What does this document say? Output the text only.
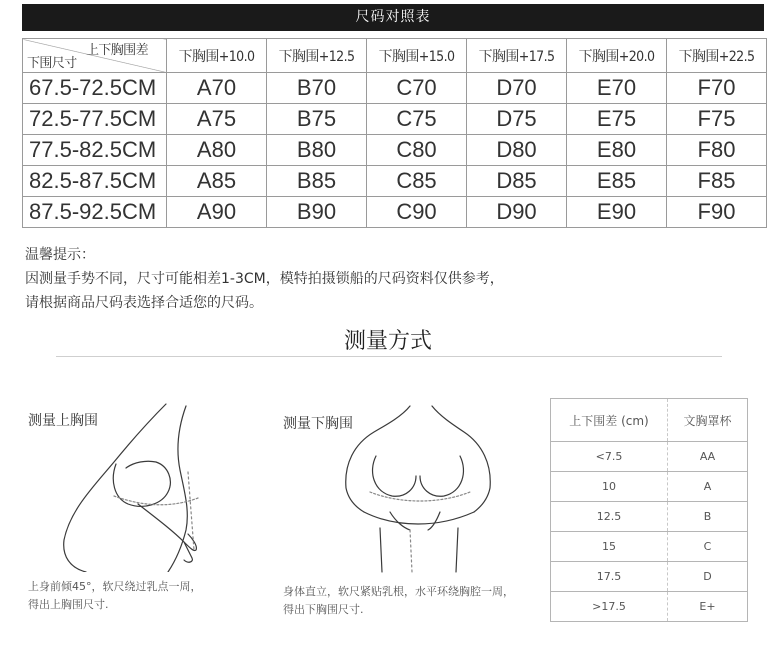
尺码对照表
上下胸围差
下围尺寸	下胸围+10.0	下胸围+12.5	下胸围+15.0	下胸围+17.5	下胸围+20.0	下胸围+22.5
67.5-72.5CM	A70	B70	C70	D70	E70	F70
72.5-77.5CM	A75	B75	C75	D75	E75	F75
77.5-82.5CM	A80	B80	C80	D80	E80	F80
82.5-87.5CM	A85	B85	C85	D85	E85	F85
87.5-92.5CM	A90	B90	C90	D90	E90	F90
温馨提示：
因测量手势不同，尺寸可能相差1-3CM，模特拍摄锁船的尺码资料仅供参考，
请根据商品尺码表选择合适您的尺码。
测量方式
测量上胸围
上身前倾45°，软尺绕过乳点一周，
得出上胸围尺寸.
测量下胸围
身体直立，软尺紧贴乳根，水平环绕胸腔一周，
得出下胸围尺寸.
上下围差 (cm)	文胸罩杯
<7.5	AA
10	A
12.5	B
15	C
17.5	D
>17.5	E+
